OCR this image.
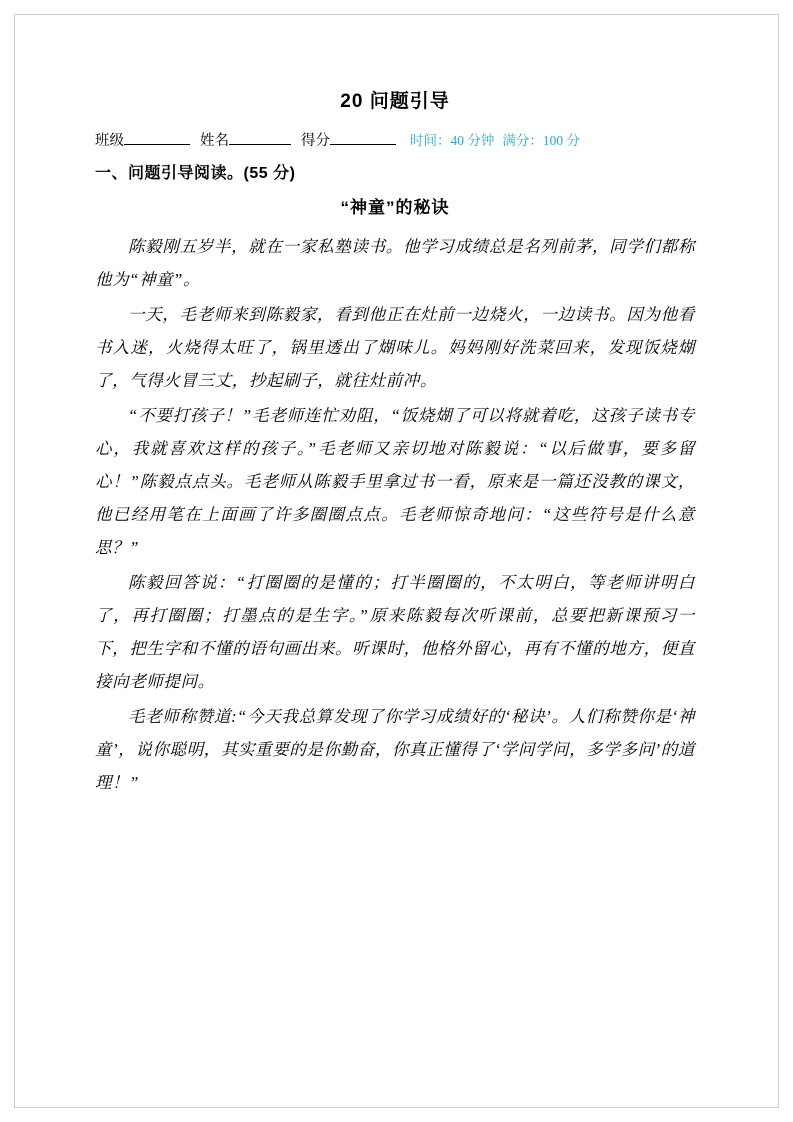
20 问题引导
班级	姓名	得分	时间：40 分钟 满分：100 分
一、问题引导阅读。(55 分)
“神童”的秘诀

陈毅刚五岁半，就在一家私塾读书。他学习成绩总是名列前茅，同学们都称他为“神童”。

一天，毛老师来到陈毅家，看到他正在灶前一边烧火，一边读书。因为他看书入迷，火烧得太旺了，锅里透出了煳味儿。妈妈刚好洗菜回来，发现饭烧煳了，气得火冒三丈，抄起刷子，就往灶前冲。

“不要打孩子！”毛老师连忙劝阻，“饭烧煳了可以将就着吃，这孩子读书专心，我就喜欢这样的孩子。”毛老师又亲切地对陈毅说：“以后做事，要多留心！”陈毅点点头。毛老师从陈毅手里拿过书一看，原来是一篇还没教的课文，他已经用笔在上面画了许多圈圈点点。毛老师惊奇地问：“这些符号是什么意思？”

陈毅回答说：“打圈圈的是懂的；打半圈圈的，不太明白，等老师讲明白了，再打圈圈；打墨点的是生字。”原来陈毅每次听课前，总要把新课预习一下，把生字和不懂的语句画出来。听课时，他格外留心，再有不懂的地方，便直接向老师提问。

毛老师称赞道:“今天我总算发现了你学习成绩好的‘秘诀’。人们称赞你是‘神童’，说你聪明，其实重要的是你勤奋，你真正懂得了‘学问学问，多学多问’的道理！”
